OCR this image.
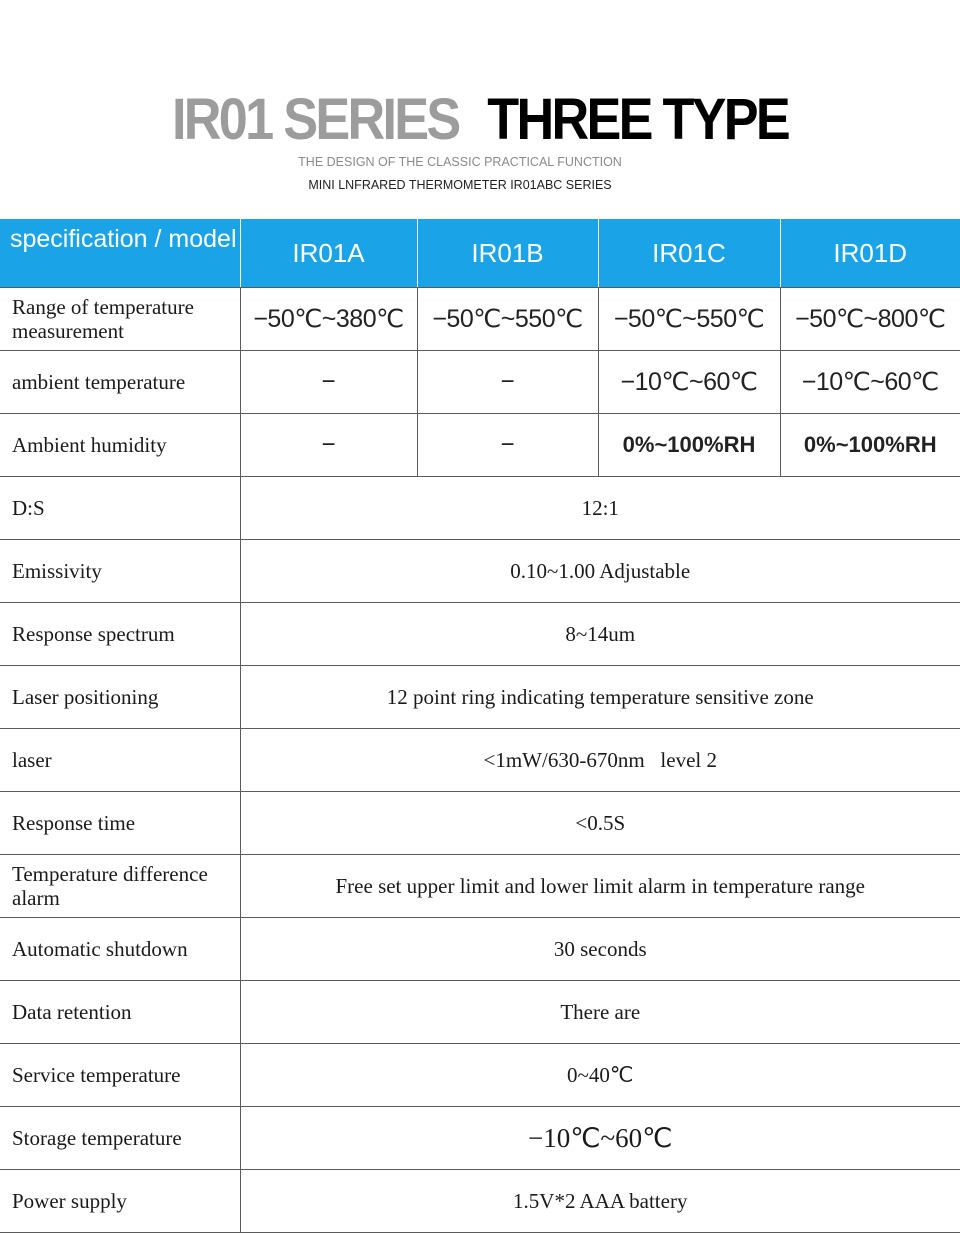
IR01 SERIES THREE TYPE
THE DESIGN OF THE CLASSIC PRACTICAL FUNCTION
MINI LNFRARED THERMOMETER IR01ABC SERIES
specification / model	IR01A	IR01B	IR01C	IR01D
Range of temperature measurement	−50℃~380℃	−50℃~550℃	−50℃~550℃	−50℃~800℃
ambient temperature	−	−	−10℃~60℃	−10℃~60℃
Ambient humidity	−	−	0%~100%RH	0%~100%RH
D:S	12:1			
Emissivity	0.10~1.00 Adjustable			
Response spectrum	8~14um			
Laser positioning	12 point ring indicating temperature sensitive zone			
laser	<1mW/630-670nm   level 2			
Response time	<0.5S			
Temperature difference alarm	Free set upper limit and lower limit alarm in temperature range			
Automatic shutdown	30 seconds			
Data retention	There are			
Service temperature	0~40℃			
Storage temperature	−10℃~60℃			
Power supply	1.5V*2 AAA battery			
